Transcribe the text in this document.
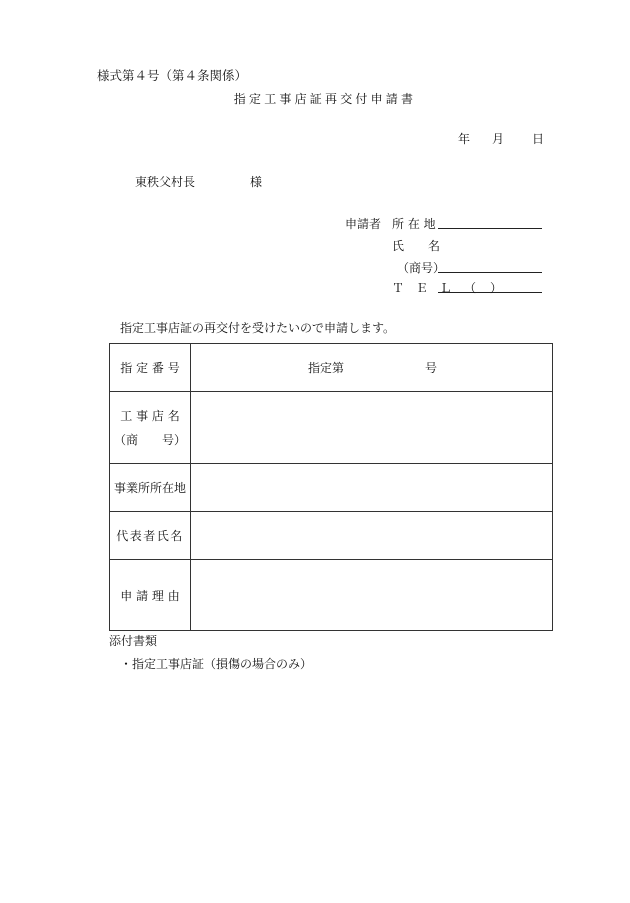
様式第４号（第４条関係）
指定工事店証再交付申請書
年 月 日
東秩父村長	様
申請者 所 在 地
氏　　名
（商号）
Ｔ Ｅ Ｌ （ ）
指定工事店証の再交付を受けたいので申請します。
指 定 番 号	指定第 号

工 事 店 名
（商　　号）	
事業所所在地	
代表者氏名	
申 請 理 由	
添付書類
・指定工事店証（損傷の場合のみ）
